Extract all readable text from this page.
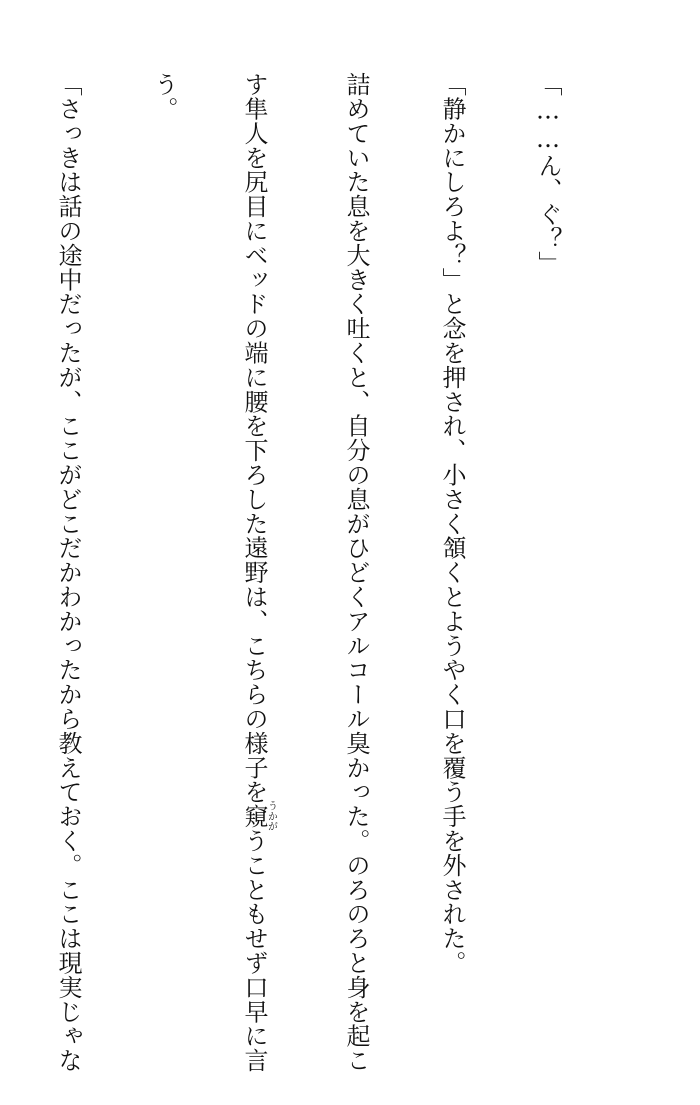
「……ん、ぐ？」

「静かにしろよ？」と念を押され、小さく頷くとようやく口を覆う手を外された。

詰めていた息を大きく吐くと、自分の息がひどくアルコール臭かった。のろのろと身を起こ

す隼人を尻目にベッドの端に腰を下ろした遠野は、こちらの様子を窺うかがうこともせず口早に言

う。

「さっきは話の途中だったが、ここがどこだかわかったから教えておく。ここは現実じゃな
